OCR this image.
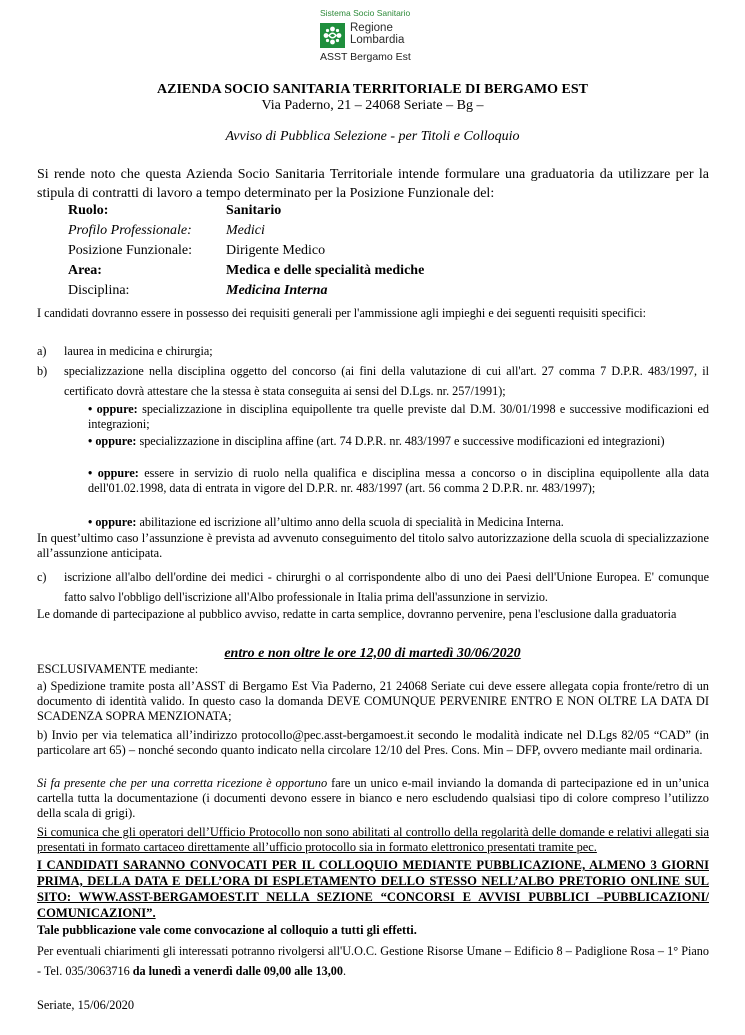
Sistema Socio Sanitario
Regione
Lombardia
ASST Bergamo Est
AZIENDA SOCIO SANITARIA TERRITORIALE DI BERGAMO EST
Via Paderno, 21 – 24068 Seriate – Bg –
Avviso di Pubblica Selezione - per Titoli e Colloquio
Si rende noto che questa Azienda Socio Sanitaria Territoriale intende formulare una graduatoria da utilizzare per la stipula di contratti di lavoro a tempo determinato per la Posizione Funzionale del:
Ruolo:	Sanitario
Profilo Professionale: Medici
Posizione Funzionale: Dirigente Medico
Area:	Medica e delle specialità mediche
Disciplina:	Medicina Interna
I candidati dovranno essere in possesso dei requisiti generali per l'ammissione agli impieghi e dei seguenti requisiti specifici:
a) laurea in medicina e chirurgia;
b) specializzazione nella disciplina oggetto del concorso (ai fini della valutazione di cui all'art. 27 comma 7 D.P.R. 483/1997, il certificato dovrà attestare che la stessa è stata conseguita ai sensi del D.Lgs. nr. 257/1991);
• oppure: specializzazione in disciplina equipollente tra quelle previste dal D.M. 30/01/1998 e successive modificazioni ed integrazioni;
• oppure: specializzazione in disciplina affine (art. 74 D.P.R. nr. 483/1997 e successive modificazioni ed integrazioni)
• oppure: essere in servizio di ruolo nella qualifica e disciplina messa a concorso o in disciplina equipollente alla data dell'01.02.1998, data di entrata in vigore del D.P.R. nr. 483/1997 (art. 56 comma 2 D.P.R. nr. 483/1997);
• oppure: abilitazione ed iscrizione all’ultimo anno della scuola di specialità in Medicina Interna.
In quest’ultimo caso l’assunzione è prevista ad avvenuto conseguimento del titolo salvo autorizzazione della scuola di specializzazione all’assunzione anticipata.
c) iscrizione all'albo dell'ordine dei medici - chirurghi o al corrispondente albo di uno dei Paesi dell'Unione Europea. E' comunque fatto salvo l'obbligo dell'iscrizione all'Albo professionale in Italia prima dell'assunzione in servizio.
Le domande di partecipazione al pubblico avviso, redatte in carta semplice, dovranno pervenire, pena l'esclusione dalla graduatoria
entro e non oltre le ore 12,00 di martedì 30/06/2020
ESCLUSIVAMENTE mediante:
a) Spedizione tramite posta all’ASST di Bergamo Est Via Paderno, 21 24068 Seriate cui deve essere allegata copia fronte/retro di un documento di identità valido. In questo caso la domanda DEVE COMUNQUE PERVENIRE ENTRO E NON OLTRE LA DATA DI SCADENZA SOPRA MENZIONATA;
b) Invio per via telematica all’indirizzo protocollo@pec.asst-bergamoest.it secondo le modalità indicate nel D.Lgs 82/05 “CAD” (in particolare art 65) – nonché secondo quanto indicato nella circolare 12/10 del Pres. Cons. Min – DFP, ovvero mediante mail ordinaria.
Si fa presente che per una corretta ricezione è opportuno fare un unico e-mail inviando la domanda di partecipazione ed in un’unica cartella tutta la documentazione (i documenti devono essere in bianco e nero escludendo qualsiasi tipo di colore compreso l’utilizzo della scala di grigi).
Si comunica che gli operatori dell’Ufficio Protocollo non sono abilitati al controllo della regolarità delle domande e relativi allegati sia presentati in formato cartaceo direttamente all’ufficio protocollo sia in formato elettronico presentati tramite pec.
I CANDIDATI SARANNO CONVOCATI PER IL COLLOQUIO MEDIANTE PUBBLICAZIONE, ALMENO 3 GIORNI PRIMA, DELLA DATA E DELL’ORA DI ESPLETAMENTO DELLO STESSO NELL’ALBO PRETORIO ONLINE SUL SITO: WWW.ASST-BERGAMOEST.IT NELLA SEZIONE “CONCORSI E AVVISI PUBBLICI –PUBBLICAZIONI/ COMUNICAZIONI”.
Tale pubblicazione vale come convocazione al colloquio a tutti gli effetti.
Per eventuali chiarimenti gli interessati potranno rivolgersi all'U.O.C. Gestione Risorse Umane – Edificio 8 – Padiglione Rosa – 1° Piano - Tel. 035/3063716 da lunedì a venerdì dalle 09,00 alle 13,00.
Seriate, 15/06/2020
